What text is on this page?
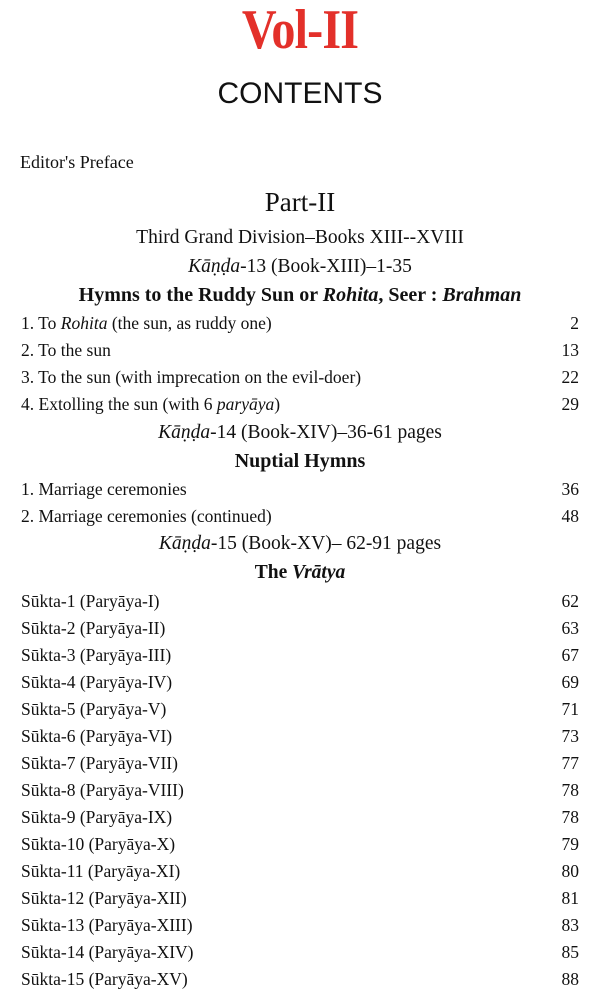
Vol-II
CONTENTS
Editor's Preface
Part-II
Third Grand Division–Books XIII--XVIII
Kāṇḍa-13 (Book-XIII)–1-35
Hymns to the Ruddy Sun or Rohita, Seer : Brahman
1. To Rohita (the sun, as ruddy one)	2
2. To the sun	13
3. To the sun (with imprecation on the evil-doer)	22
4. Extolling the sun (with 6 paryāya)	29
Kāṇḍa-14 (Book-XIV)–36-61 pages
Nuptial Hymns
1. Marriage ceremonies	36
2. Marriage ceremonies (continued)	48
Kāṇḍa-15 (Book-XV)– 62-91 pages
The Vrātya
Sūkta-1 (Paryāya-I)	62
Sūkta-2 (Paryāya-II)	63
Sūkta-3 (Paryāya-III)	67
Sūkta-4 (Paryāya-IV)	69
Sūkta-5 (Paryāya-V)	71
Sūkta-6 (Paryāya-VI)	73
Sūkta-7 (Paryāya-VII)	77
Sūkta-8 (Paryāya-VIII)	78
Sūkta-9 (Paryāya-IX)	78
Sūkta-10 (Paryāya-X)	79
Sūkta-11 (Paryāya-XI)	80
Sūkta-12 (Paryāya-XII)	81
Sūkta-13 (Paryāya-XIII)	83
Sūkta-14 (Paryāya-XIV)	85
Sūkta-15 (Paryāya-XV)	88
